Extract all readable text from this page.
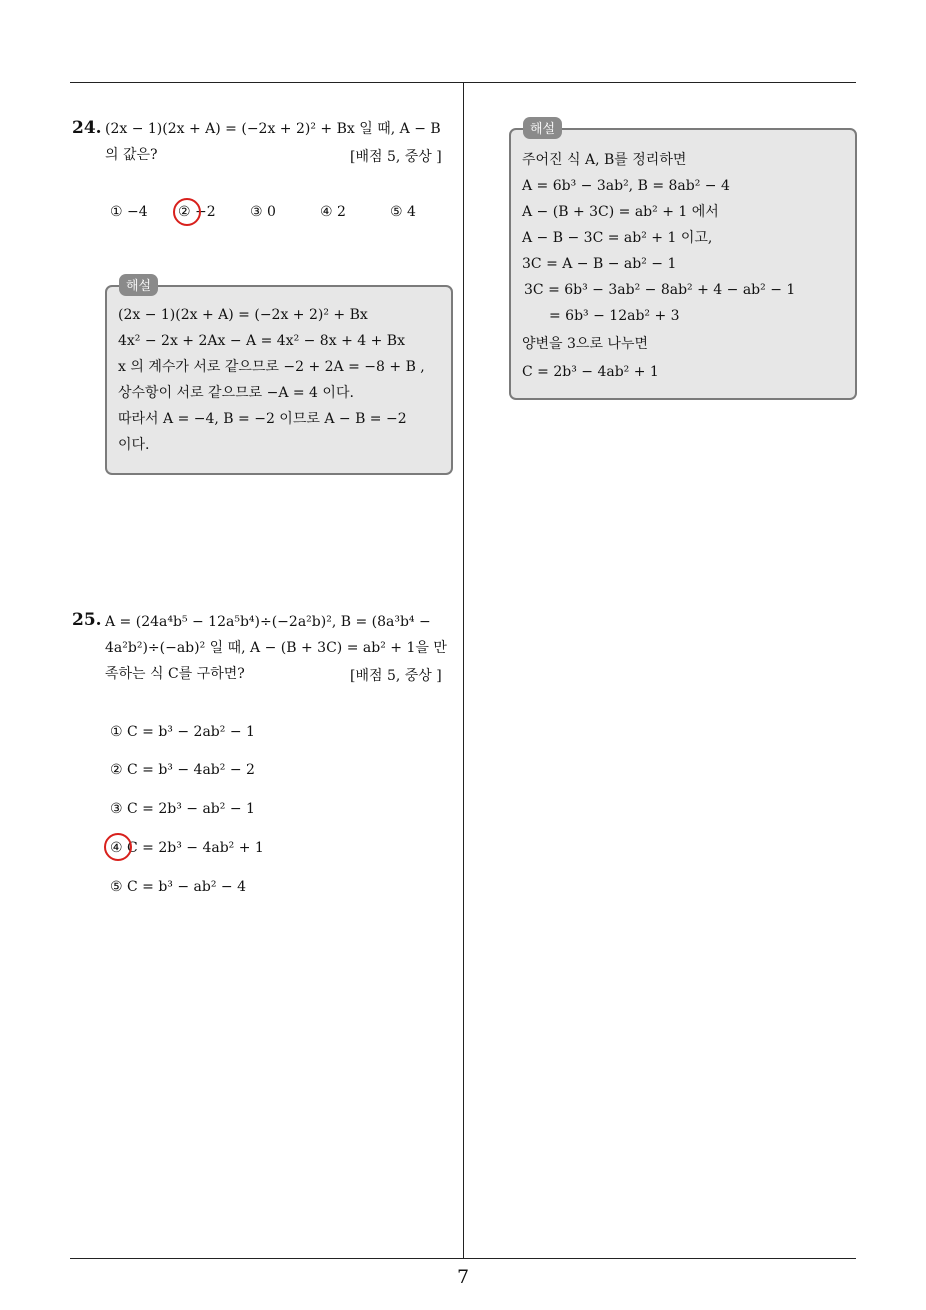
7
24. (2x − 1)(2x + A) = (−2x + 2)² + Bx 일 때, A − B
의 값은?	[배점 5, 중상 ]
① −4 ② −2 ③ 0	④ 2	⑤ 4
해설
(2x − 1)(2x + A) = (−2x + 2)² + Bx
4x² − 2x + 2Ax − A = 4x² − 8x + 4 + Bx
x 의 계수가 서로 같으므로 −2 + 2A = −8 + B ,
상수항이 서로 같으므로 −A = 4 이다.
따라서 A = −4, B = −2 이므로 A − B = −2
이다.
25. A = (24a⁴b⁵ − 12a⁵b⁴)÷(−2a²b)², B = (8a³b⁴ −
4a²b²)÷(−ab)² 일 때, A − (B + 3C) = ab² + 1을 만
족하는 식 C를 구하면?	[배점 5, 중상 ]
① C = b³ − 2ab² − 1
② C = b³ − 4ab² − 2
③ C = 2b³ − ab² − 1
④ C = 2b³ − 4ab² + 1
⑤ C = b³ − ab² − 4
해설
주어진 식 A, B를 정리하면
A = 6b³ − 3ab², B = 8ab² − 4
A − (B + 3C) = ab² + 1 에서
A − B − 3C = ab² + 1 이고,
3C = A − B − ab² − 1
3C = 6b³ − 3ab² − 8ab² + 4 − ab² − 1
= 6b³ − 12ab² + 3
양변을 3으로 나누면
C = 2b³ − 4ab² + 1
